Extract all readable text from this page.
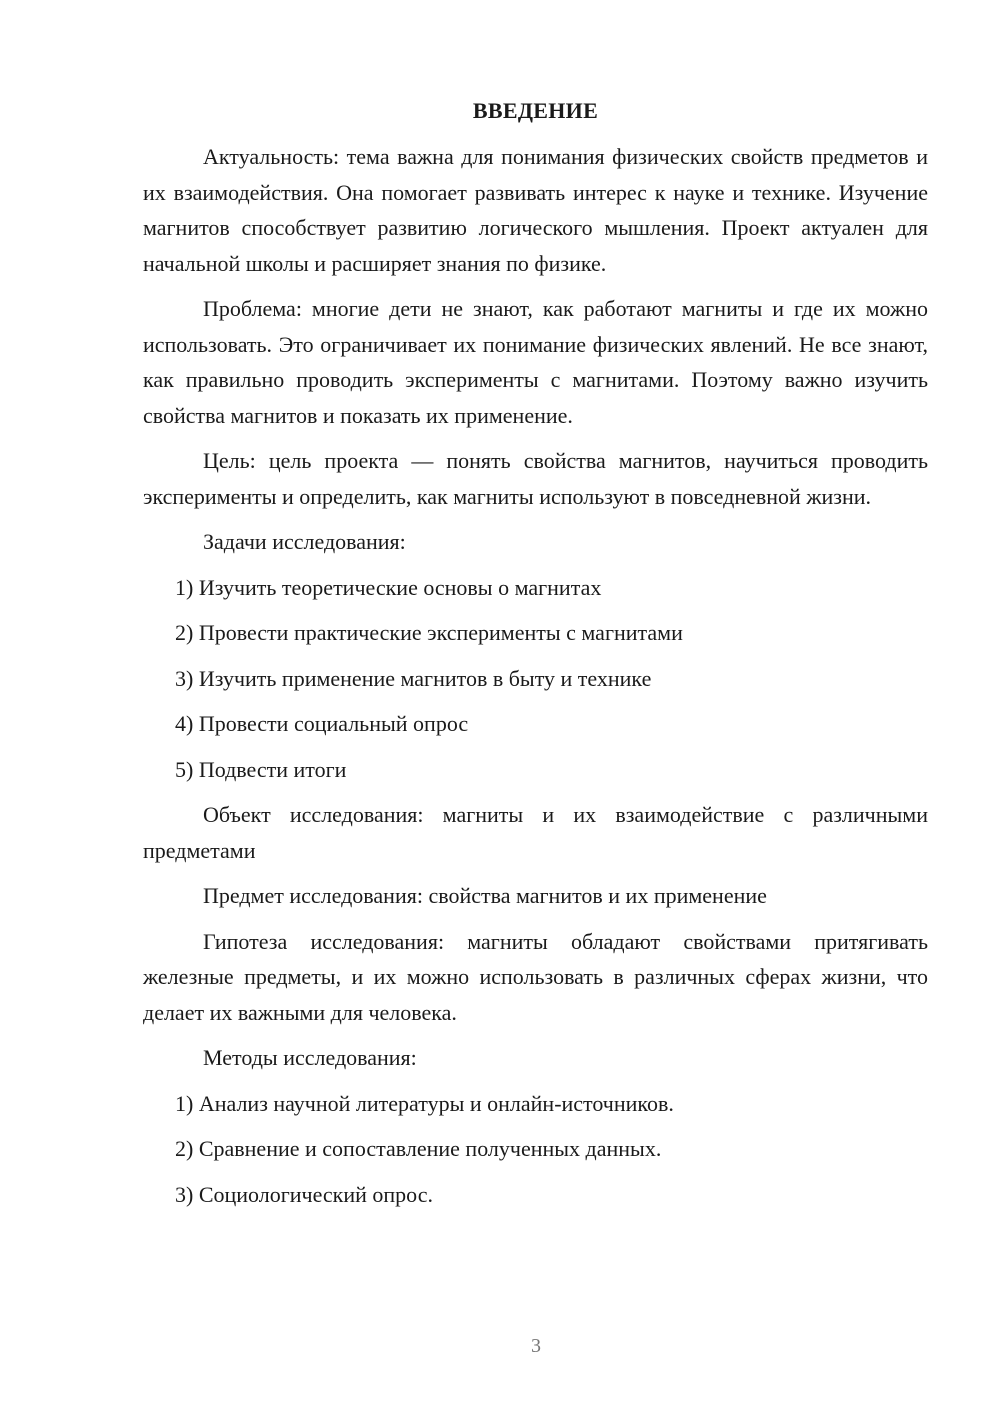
ВВЕДЕНИЕ

Актуальность: тема важна для понимания физических свойств предметов и их взаимодействия. Она помогает развивать интерес к науке и технике. Изучение магнитов способствует развитию логического мышления. Проект актуален для начальной школы и расширяет знания по физике.

Проблема: многие дети не знают, как работают магниты и где их можно использовать. Это ограничивает их понимание физических явлений. Не все знают, как правильно проводить эксперименты с магнитами. Поэтому важно изучить свойства магнитов и показать их применение.

Цель: цель проекта — понять свойства магнитов, научиться проводить эксперименты и определить, как магниты используют в повседневной жизни.

Задачи исследования:

1) Изучить теоретические основы о магнитах
2) Провести практические эксперименты с магнитами
3) Изучить применение магнитов в быту и технике
4) Провести социальный опрос
5) Подвести итоги

Объект исследования: магниты и их взаимодействие с различными предметами

Предмет исследования: свойства магнитов и их применение

Гипотеза исследования: магниты обладают свойствами притягивать железные предметы, и их можно использовать в различных сферах жизни, что делает их важными для человека.

Методы исследования:

1) Анализ научной литературы и онлайн-источников.
2) Сравнение и сопоставление полученных данных.
3) Социологический опрос.
3
